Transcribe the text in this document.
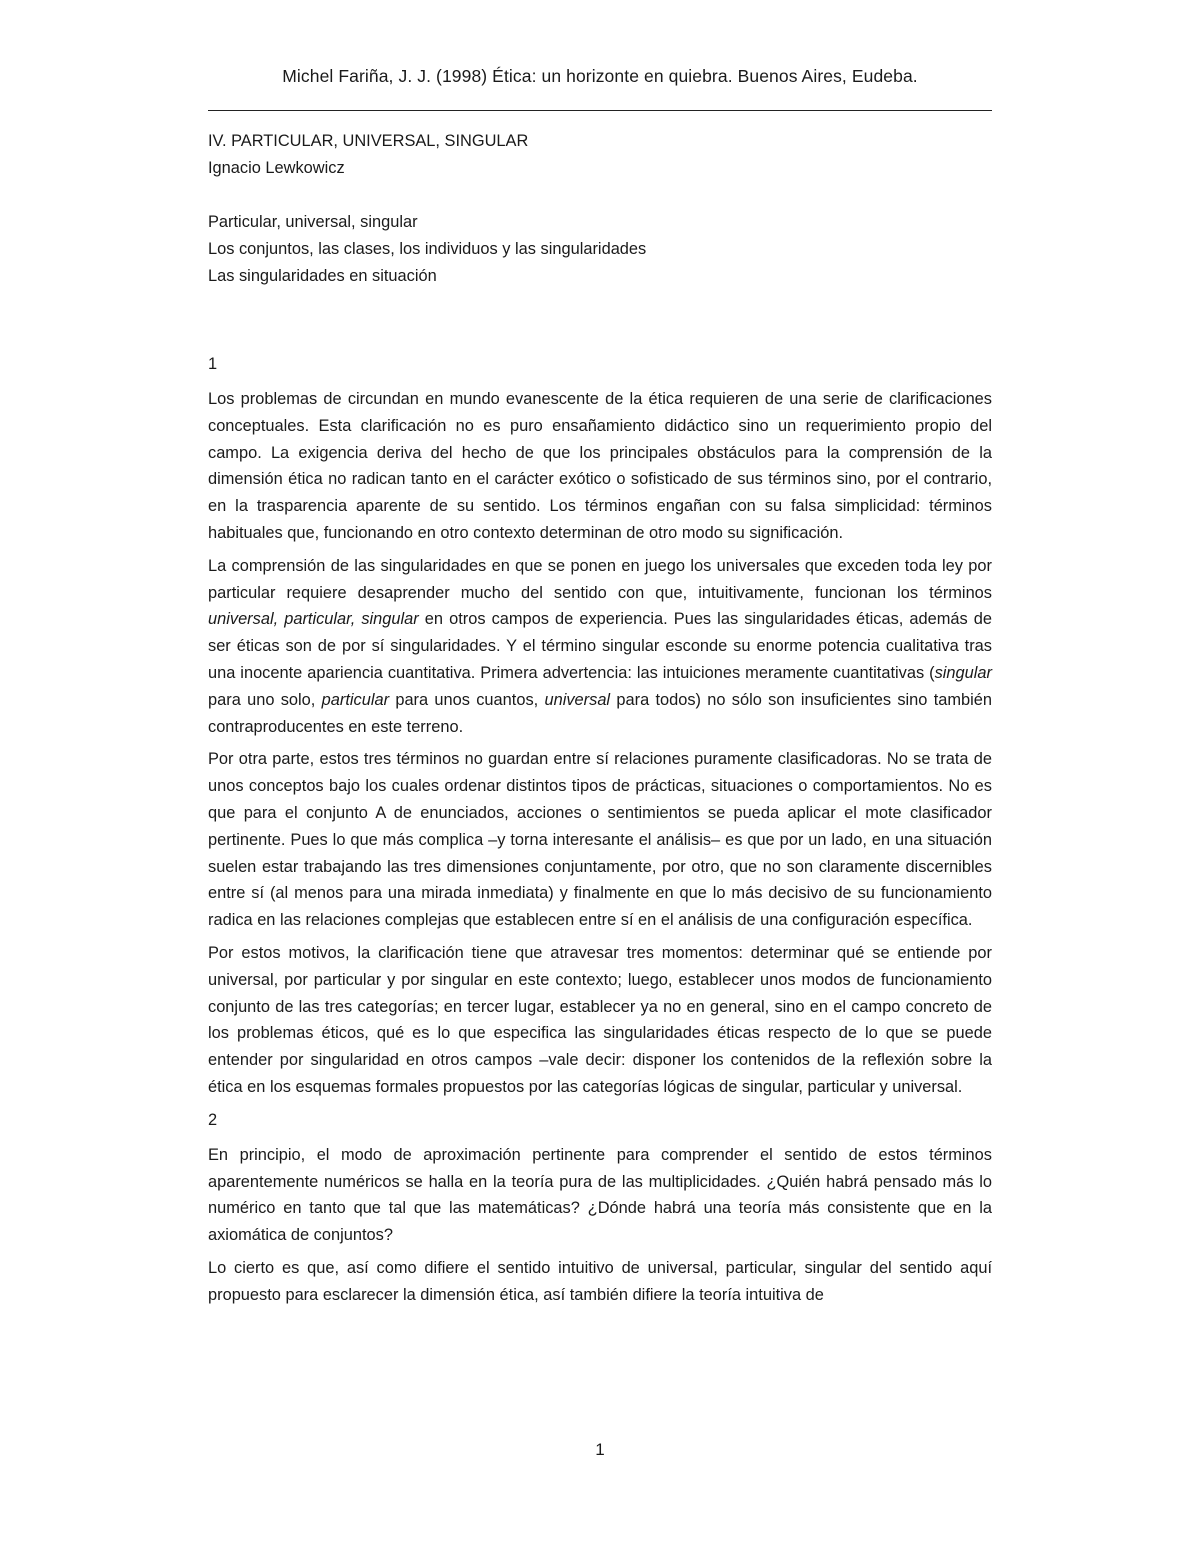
Michel Fariña, J. J. (1998) Ética: un horizonte en quiebra. Buenos Aires, Eudeba.
IV. PARTICULAR, UNIVERSAL, SINGULAR
Ignacio Lewkowicz
Particular, universal, singular
Los conjuntos, las clases, los individuos y las singularidades
Las singularidades en situación
1

Los problemas de circundan en mundo evanescente de la ética requieren de una serie de clarificaciones conceptuales. Esta clarificación no es puro ensañamiento didáctico sino un requerimiento propio del campo. La exigencia deriva del hecho de que los principales obstáculos para la comprensión de la dimensión ética no radican tanto en el carácter exótico o sofisticado de sus términos sino, por el contrario, en la trasparencia aparente de su sentido. Los términos engañan con su falsa simplicidad: términos habituales que, funcionando en otro contexto determinan de otro modo su significación.

La comprensión de las singularidades en que se ponen en juego los universales que exceden toda ley por particular requiere desaprender mucho del sentido con que, intuitivamente, funcionan los términos universal, particular, singular en otros campos de experiencia. Pues las singularidades éticas, además de ser éticas son de por sí singularidades. Y el término singular esconde su enorme potencia cualitativa tras una inocente apariencia cuantitativa. Primera advertencia: las intuiciones meramente cuantitativas (singular para uno solo, particular para unos cuantos, universal para todos) no sólo son insuficientes sino también contraproducentes en este terreno.

Por otra parte, estos tres términos no guardan entre sí relaciones puramente clasificadoras. No se trata de unos conceptos bajo los cuales ordenar distintos tipos de prácticas, situaciones o comportamientos. No es que para el conjunto A de enunciados, acciones o sentimientos se pueda aplicar el mote clasificador pertinente. Pues lo que más complica –y torna interesante el análisis– es que por un lado, en una situación suelen estar trabajando las tres dimensiones conjuntamente, por otro, que no son claramente discernibles entre sí (al menos para una mirada inmediata) y finalmente en que lo más decisivo de su funcionamiento radica en las relaciones complejas que establecen entre sí en el análisis de una configuración específica.

Por estos motivos, la clarificación tiene que atravesar tres momentos: determinar qué se entiende por universal, por particular y por singular en este contexto; luego, establecer unos modos de funcionamiento conjunto de las tres categorías; en tercer lugar, establecer ya no en general, sino en el campo concreto de los problemas éticos, qué es lo que especifica las singularidades éticas respecto de lo que se puede entender por singularidad en otros campos –vale decir: disponer los contenidos de la reflexión sobre la ética en los esquemas formales propuestos por las categorías lógicas de singular, particular y universal.

2

En principio, el modo de aproximación pertinente para comprender el sentido de estos términos aparentemente numéricos se halla en la teoría pura de las multiplicidades. ¿Quién habrá pensado más lo numérico en tanto que tal que las matemáticas? ¿Dónde habrá una teoría más consistente que en la axiomática de conjuntos?

Lo cierto es que, así como difiere el sentido intuitivo de universal, particular, singular del sentido aquí propuesto para esclarecer la dimensión ética, así también difiere la teoría intuitiva de

1
